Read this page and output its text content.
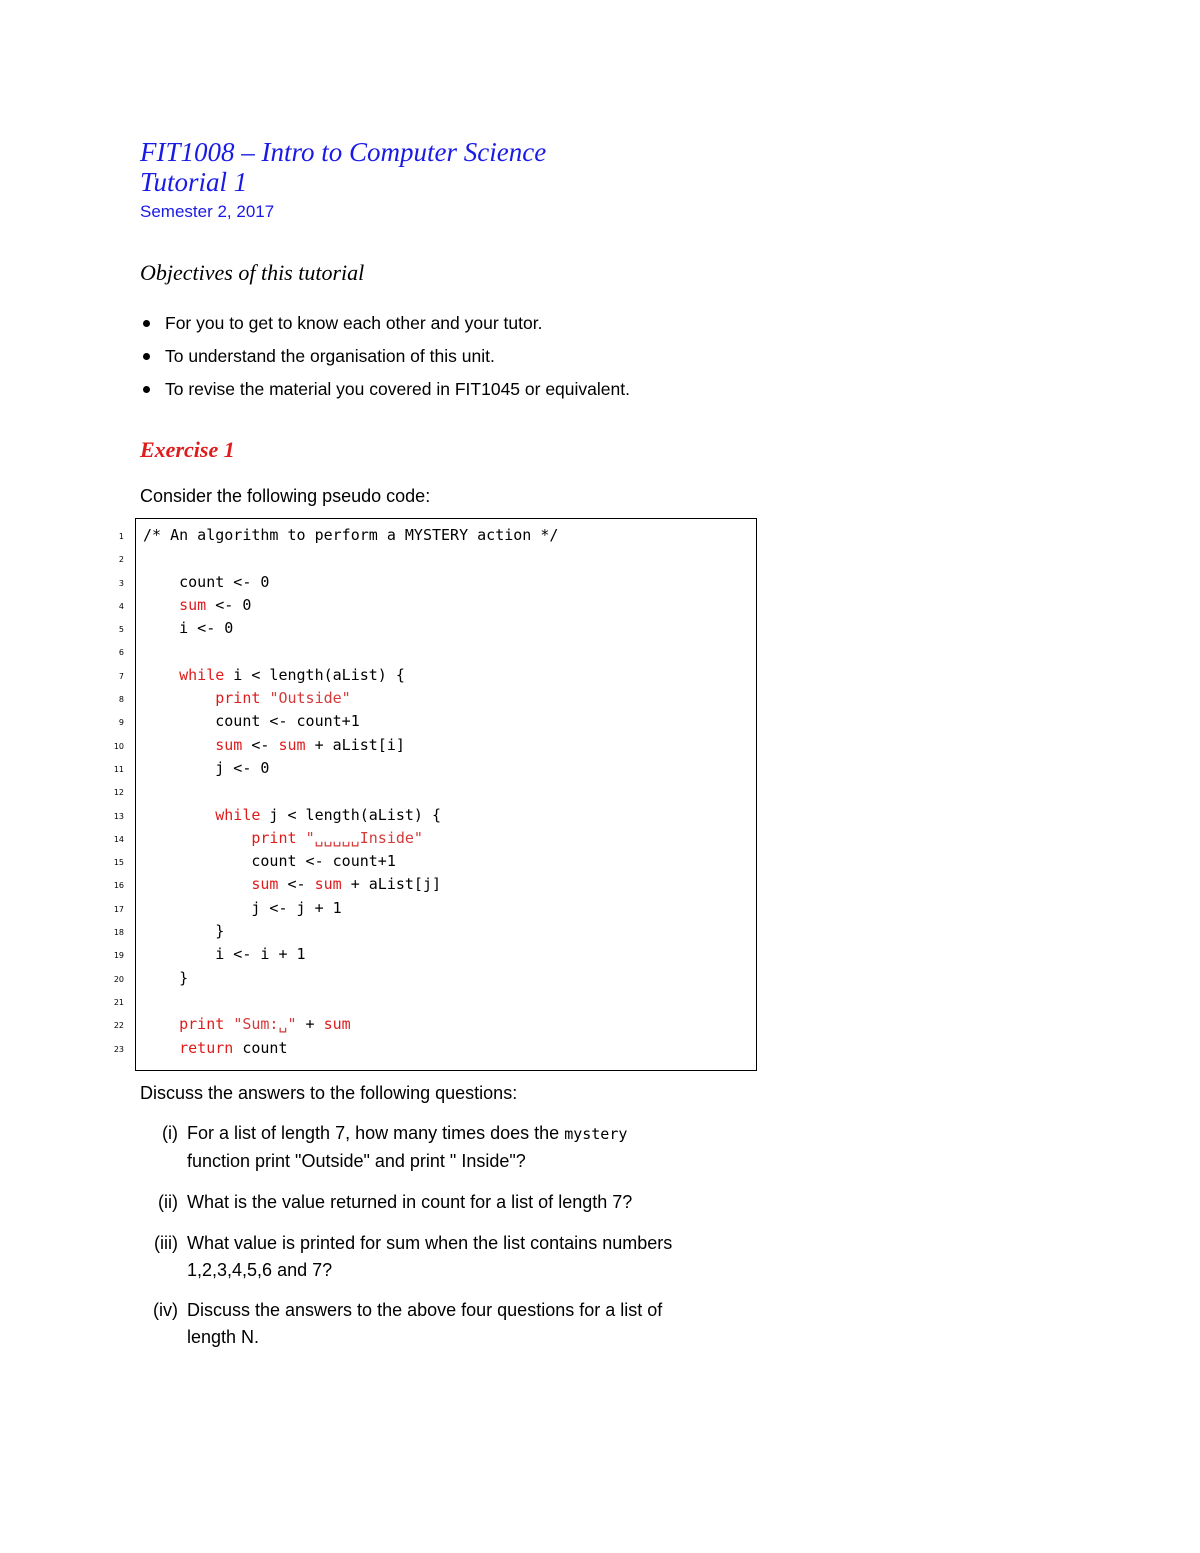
FIT1008 – Intro to Computer Science
Tutorial 1
Semester 2, 2017
Objectives of this tutorial
For you to get to know each other and your tutor.
To understand the organisation of this unit.
To revise the material you covered in FIT1045 or equivalent.
Exercise 1
Consider the following pseudo code:
1
2
3
4
5
6
7
8
9
10
11
12
13
14
15
16
17
18
19
20
21
22
23
/* An algorithm to perform a MYSTERY action */
count <- 0
sum <- 0
i <- 0
while i < length(aList) {
print "Outside"
count <- count+1
sum <- sum + aList[i]
j <- 0
while j < length(aList) {
print "␣␣␣␣␣Inside"
count <- count+1
sum <- sum + aList[j]
j <- j + 1
}
i <- i + 1
}
print "Sum:␣" + sum
return count
Discuss the answers to the following questions:
(i) For a list of length 7, how many times does the mystery
function print "Outside" and print " Inside"?
(ii) What is the value returned in count for a list of length 7?
(iii) What value is printed for sum when the list contains numbers
1,2,3,4,5,6 and 7?
(iv) Discuss the answers to the above four questions for a list of
length N.
